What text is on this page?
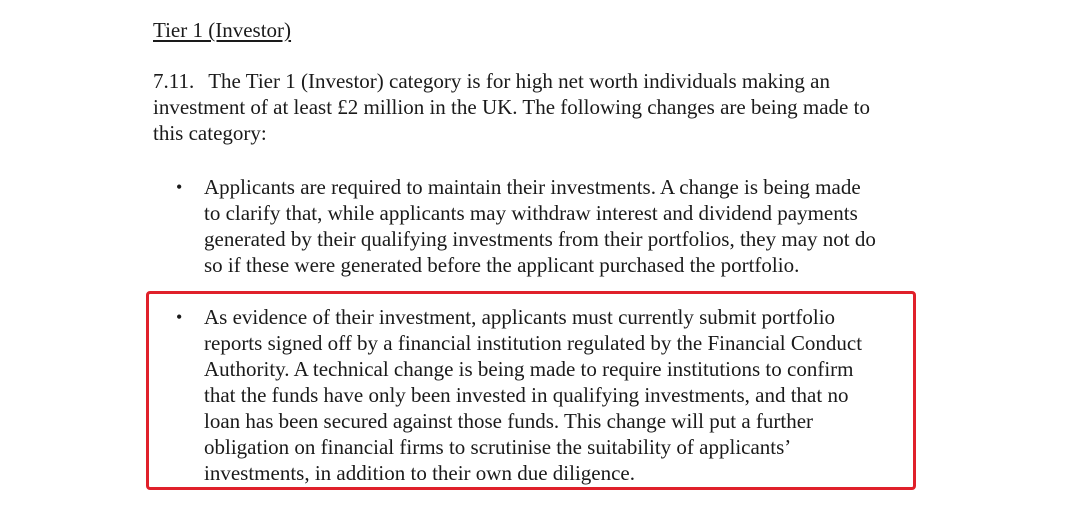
Tier 1 (Investor)
7.11. The Tier 1 (Investor) category is for high net worth individuals making an
investment of at least £2 million in the UK. The following changes are being made to
this category:
•	Applicants are required to maintain their investments. A change is being made
to clarify that, while applicants may withdraw interest and dividend payments
generated by their qualifying investments from their portfolios, they may not do
so if these were generated before the applicant purchased the portfolio.
•	As evidence of their investment, applicants must currently submit portfolio
reports signed off by a financial institution regulated by the Financial Conduct
Authority. A technical change is being made to require institutions to confirm
that the funds have only been invested in qualifying investments, and that no
loan has been secured against those funds. This change will put a further
obligation on financial firms to scrutinise the suitability of applicants’
investments, in addition to their own due diligence.
